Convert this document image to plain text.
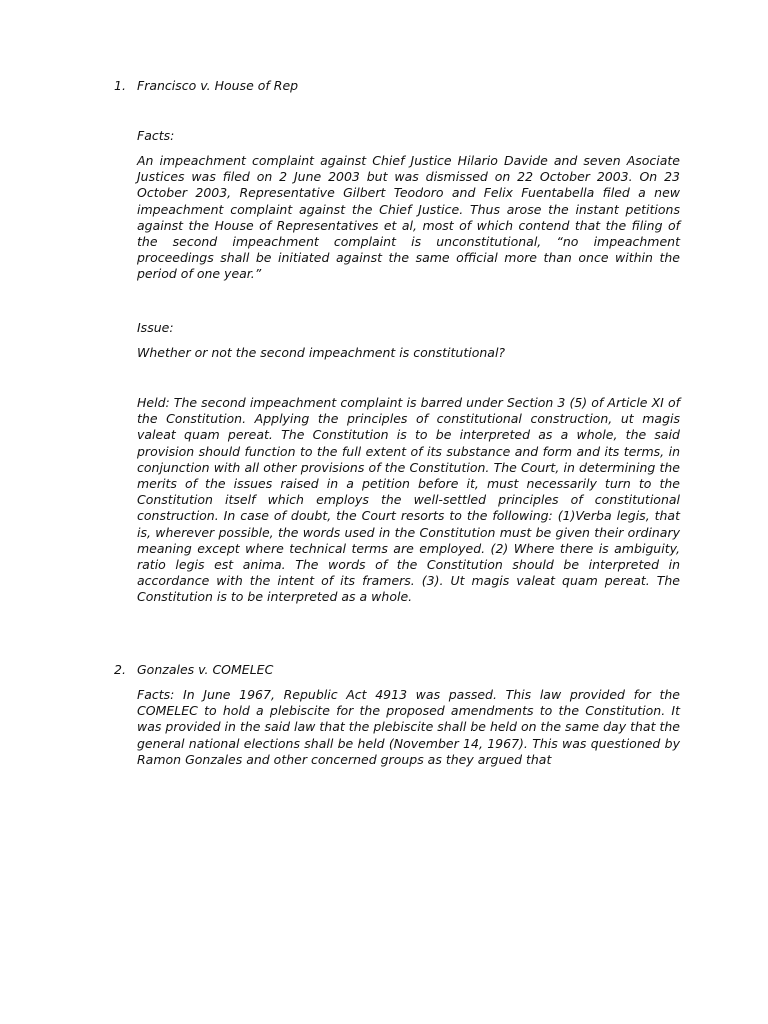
1. Francisco v. House of Rep
Facts:

An impeachment complaint against Chief Justice Hilario Davide and seven Asociate Justices was filed on 2 June 2003 but was dismissed on 22 October 2003. On 23 October 2003, Representative Gilbert Teodoro and Felix Fuentabella filed a new impeachment complaint against the Chief Justice. Thus arose the instant petitions against the House of Representatives et al, most of which contend that the filing of the second impeachment complaint is unconstitutional, “no impeachment proceedings shall be initiated against the same official more than once within the period of one year.”

Issue:

Whether or not the second impeachment is constitutional?

Held: The second impeachment complaint is barred under Section 3 (5) of Article XI of the Constitution. Applying the principles of constitutional construction, ut magis valeat quam pereat. The Constitution is to be interpreted as a whole, the said provision should function to the full extent of its substance and form and its terms, in conjunction with all other provisions of the Constitution. The Court, in determining the merits of the issues raised in a petition before it, must necessarily turn to the Constitution itself which employs the well-settled principles of constitutional construction. In case of doubt, the Court resorts to the following: (1)Verba legis, that is, wherever possible, the words used in the Constitution must be given their ordinary meaning except where technical terms are employed. (2) Where there is ambiguity, ratio legis est anima. The words of the Constitution should be interpreted in accordance with the intent of its framers. (3). Ut magis valeat quam pereat. The Constitution is to be interpreted as a whole.

2. Gonzales v. COMELEC

Facts: In June 1967, Republic Act 4913 was passed. This law provided for the COMELEC to hold a plebiscite for the proposed amendments to the Constitution. It was provided in the said law that the plebiscite shall be held on the same day that the general national elections shall be held (November 14, 1967). This was questioned by Ramon Gonzales and other concerned groups as they argued that
